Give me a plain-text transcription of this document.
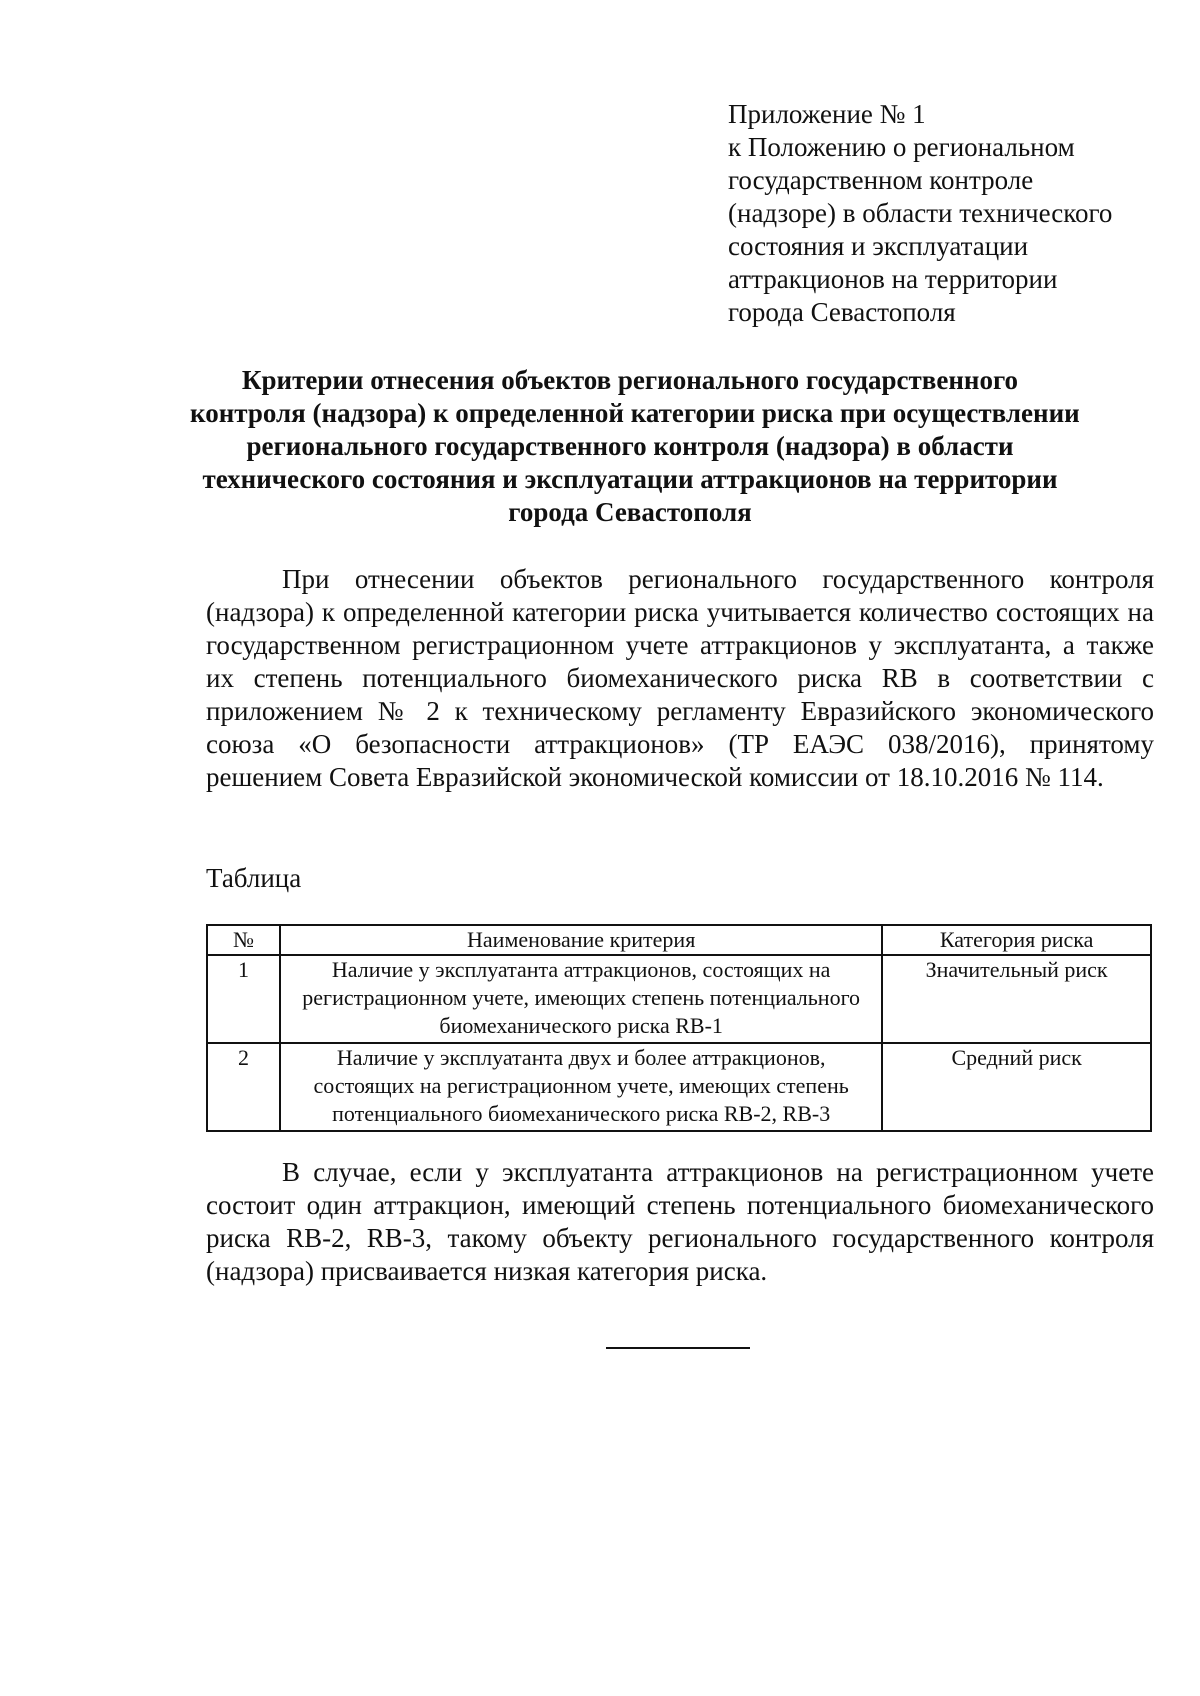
Приложение № 1
к Положению о региональном
государственном контроле
(надзоре) в области технического
состояния и эксплуатации
аттракционов на территории
города Севастополя
Критерии отнесения объектов регионального государственного
контроля (надзора) к определенной категории риска при осуществлении
регионального государственного контроля (надзора) в области
технического состояния и эксплуатации аттракционов на территории
города Севастополя
При отнесении объектов регионального государственного контроля (надзора) к определенной категории риска учитывается количество состоящих на государственном регистрационном учете аттракционов у эксплуатанта, а также их степень потенциального биомеханического риска RB в соответствии с приложением № 2 к техническому регламенту Евразийского экономического союза «О безопасности аттракционов» (ТР ЕАЭС 038/2016), принятому решением Совета Евразийской экономической комиссии от 18.10.2016 № 114.
Таблица
№	Наименование критерия	Категория риска
1	Наличие у эксплуатанта аттракционов, состоящих на регистрационном учете, имеющих степень потенциального биомеханического риска RB-1	Значительный риск
2	Наличие у эксплуатанта двух и более аттракционов, состоящих на регистрационном учете, имеющих степень потенциального биомеханического риска RB-2, RB-3	Средний риск
В случае, если у эксплуатанта аттракционов на регистрационном учете состоит один аттракцион, имеющий степень потенциального биомеханического риска RB-2, RB-3, такому объекту регионального государственного контроля (надзора) присваивается низкая категория риска.
